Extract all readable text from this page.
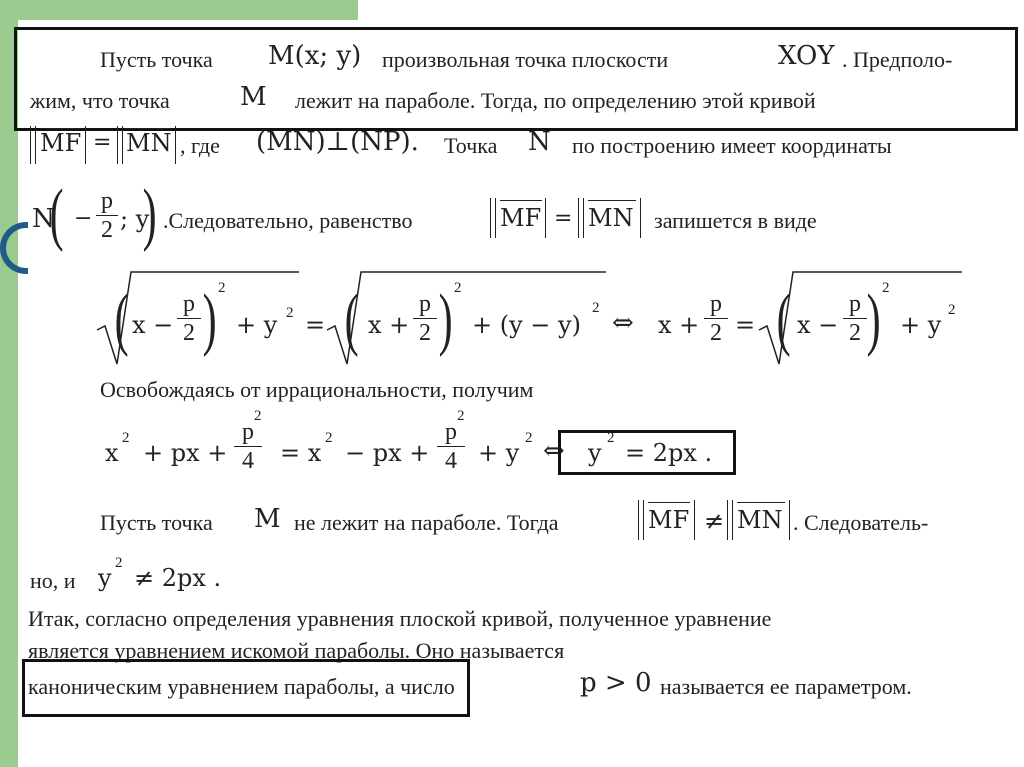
Пусть точка M(x; y) произвольная точка плоскости	XOY . Предполо-
жим, что точка	M лежит на параболе. Тогда, по определению этой кривой
MF = MN , где (MN)⊥(NP). Точка N по построению имеет координаты
N
( −
p
2 ; y
) .Следовательно, равенство	MF = MN запишется в виде
( x −
p
2 ) 2
+ y 2 = ( x +
p
2 ) 2
+ (y − y)
2 ⇔ x +
p
2 = ( x −
p
2 ) 2
+ y
2
Освобождаясь от иррациональности, получим
x
2
+ px +
p
4
2
= x
2
− px +
p
4
2
+ y
2 ⇔ y
2
= 2px .
Пусть точка M не лежит на параболе. Тогда	MF ≠ MN . Следователь-
но, и y
2
≠ 2px .
Итак, согласно определения уравнения плоской кривой, полученное уравнение
является уравнением искомой параболы. Оно называется
каноническим уравнением параболы, а число	p > 0 называется ее параметром.
